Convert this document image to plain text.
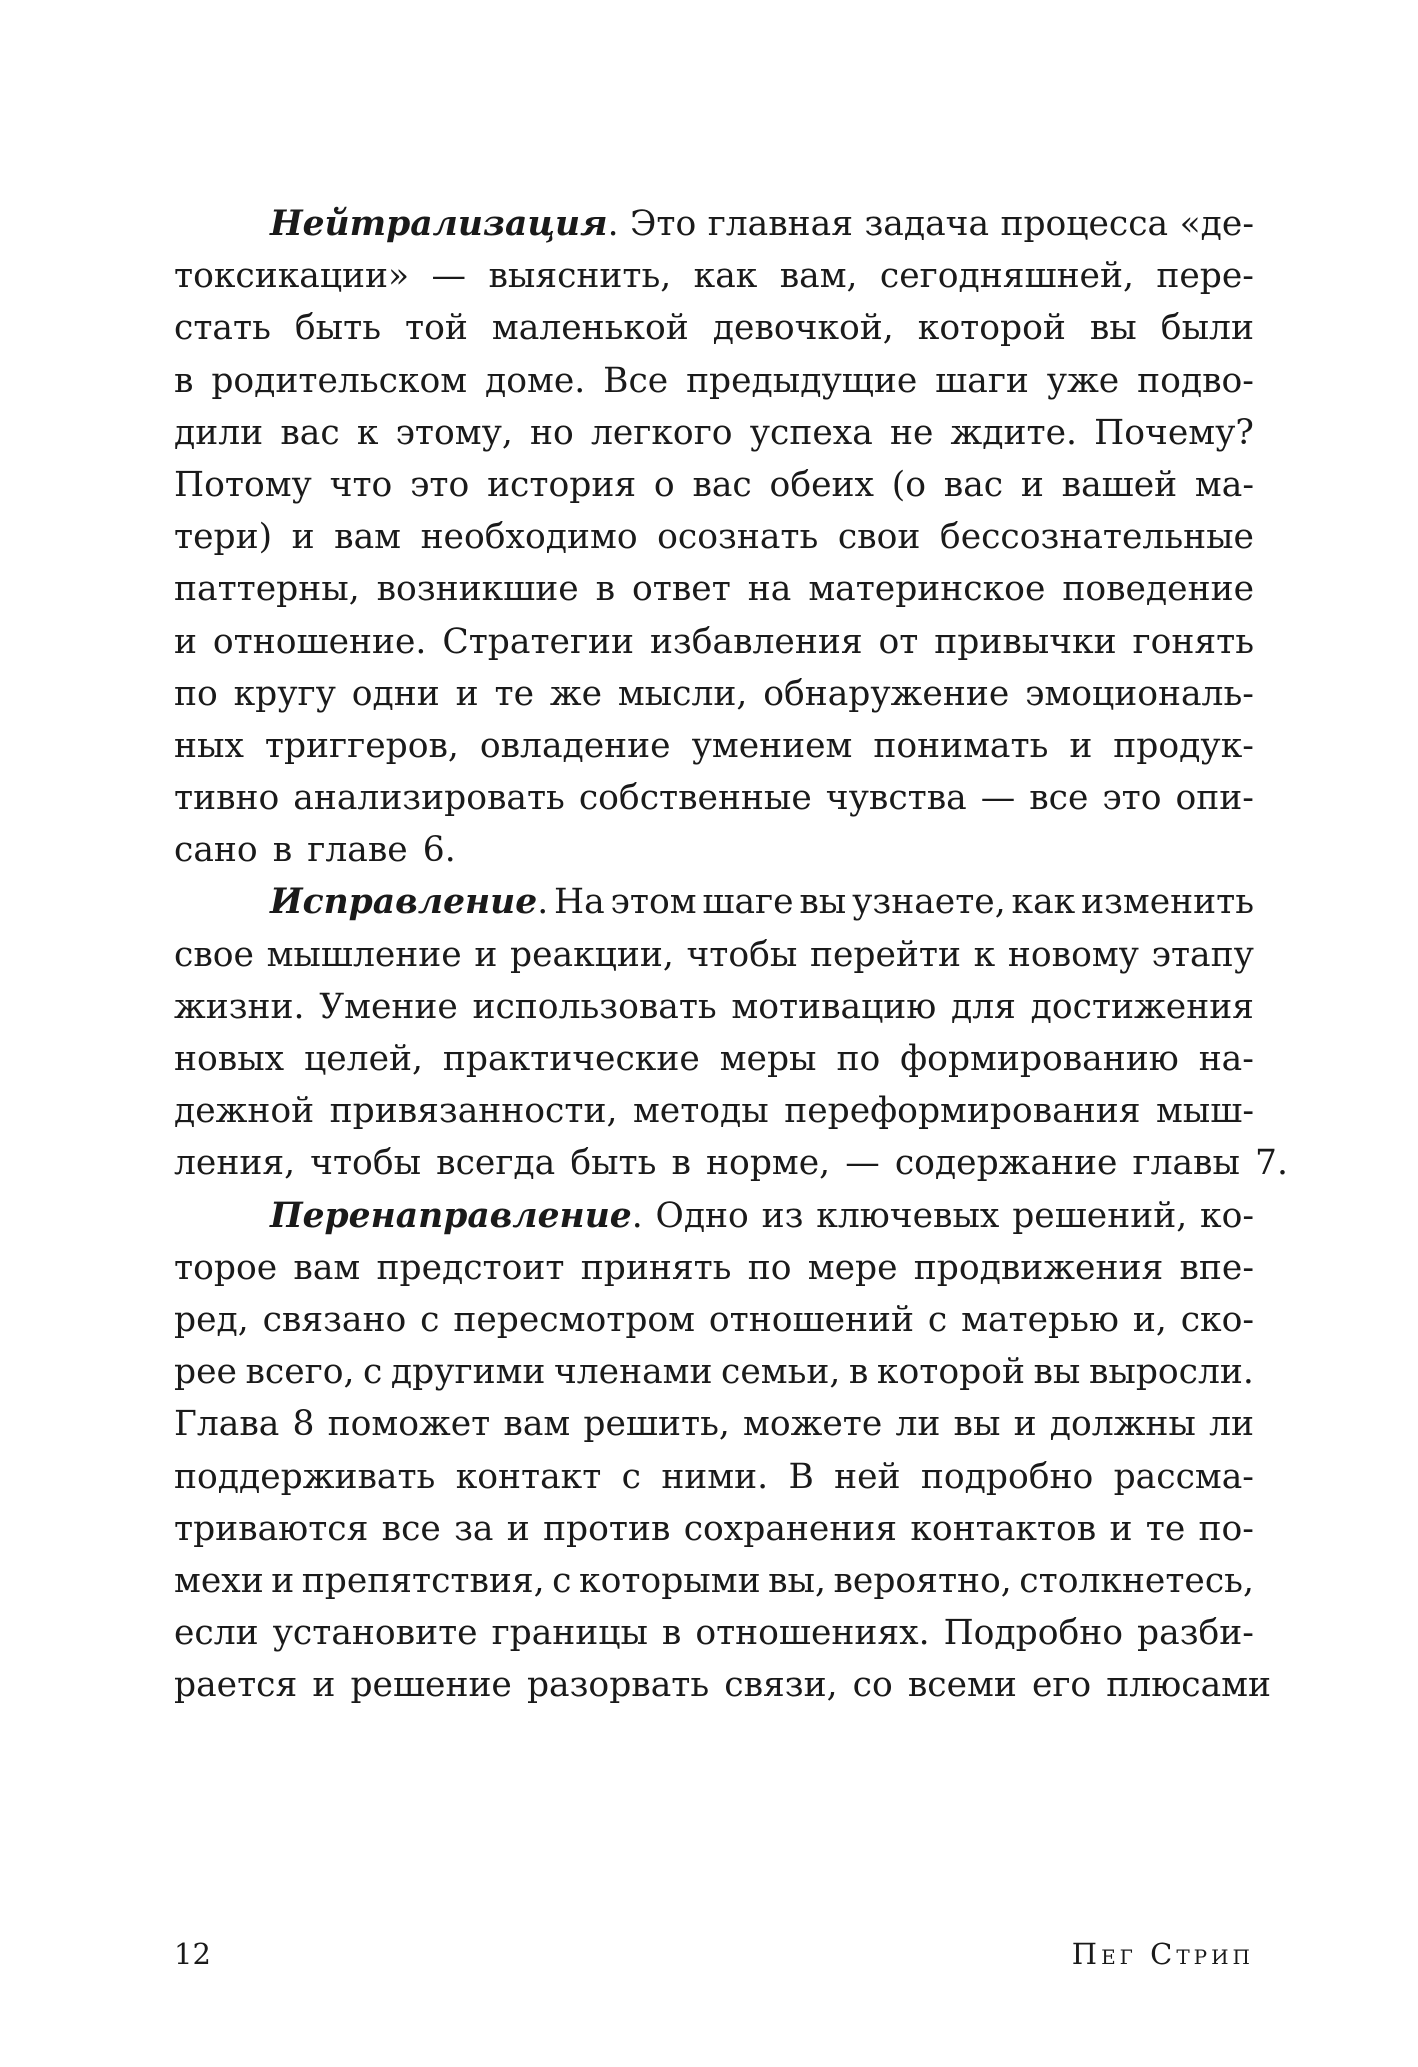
Нейтрализация. Это главная задача процесса «де-
токсикации» — выяснить, как вам, сегодняшней, пере-
стать быть той маленькой девочкой, которой вы были
в родительском доме. Все предыдущие шаги уже подво-
дили вас к этому, но легкого успеха не ждите. Почему?
Потому что это история о вас обеих (о вас и вашей ма-
тери) и вам необходимо осознать свои бессознательные
паттерны, возникшие в ответ на материнское поведение
и отношение. Стратегии избавления от привычки гонять
по кругу одни и те же мысли, обнаружение эмоциональ-
ных триггеров, овладение умением понимать и продук-
тивно анализировать собственные чувства — все это опи-
сано в главе 6.
Исправление. На этом шаге вы узнаете, как изменить
свое мышление и реакции, чтобы перейти к новому этапу
жизни. Умение использовать мотивацию для достижения
новых целей, практические меры по формированию на-
дежной привязанности, методы переформирования мыш-
ления, чтобы всегда быть в норме, — содержание главы 7.
Перенаправление. Одно из ключевых решений, ко-
торое вам предстоит принять по мере продвижения впе-
ред, связано с пересмотром отношений с матерью и, ско-
рее всего, с другими членами семьи, в которой вы выросли.
Глава 8 поможет вам решить, можете ли вы и должны ли
поддерживать контакт с ними. В ней подробно рассма-
триваются все за и против сохранения контактов и те по-
мехи и препятствия, с которыми вы, вероятно, столкнетесь,
если установите границы в отношениях. Подробно разби-
рается и решение разорвать связи, со всеми его плюсами
12	Пег Стрип
